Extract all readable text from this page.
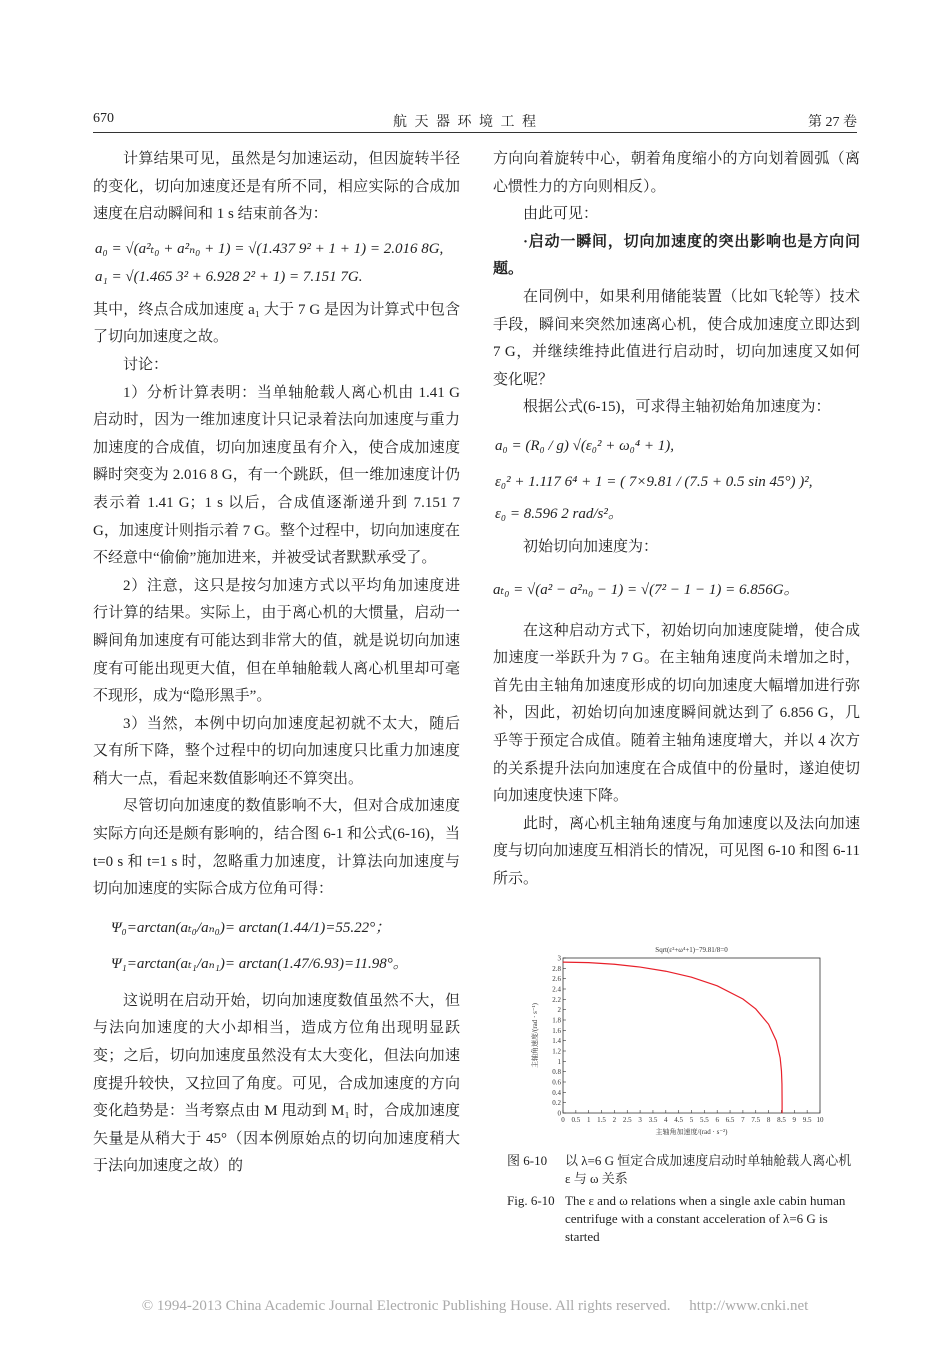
670	航 天 器 环 境 工 程	第 27 卷

计算结果可见，虽然是匀加速运动，但因旋转半径的变化，切向加速度还是有所不同，相应实际的合成加速度在启动瞬间和 1 s 结束前各为：

a₀ = √(a²ₜ₀ + a²ₙ₀ + 1) = √(1.437 9² + 1 + 1) = 2.016 8G,

a₁ = √(1.465 3² + 6.928 2² + 1) = 7.151 7G.

其中，终点合成加速度 a₁ 大于 7 G 是因为计算式中包含了切向加速度之故。

讨论：

1）分析计算表明：当单轴舱载人离心机由 1.41 G 启动时，因为一维加速度计只记录着法向加速度与重力加速度的合成值，切向加速度虽有介入，使合成加速度瞬时突变为 2.016 8 G，有一个跳跃，但一维加速度计仍表示着 1.41 G；1 s 以后，合成值逐渐递升到 7.151 7 G，加速度计则指示着 7 G。整个过程中，切向加速度在不经意中“偷偷”施加进来，并被受试者默默承受了。

2）注意，这只是按匀加速方式以平均角加速度进行计算的结果。实际上，由于离心机的大惯量，启动一瞬间角加速度有可能达到非常大的值，就是说切向加速度有可能出现更大值，但在单轴舱载人离心机里却可毫不现形，成为“隐形黑手”。

3）当然，本例中切向加速度起初就不太大，随后又有所下降，整个过程中的切向加速度只比重力加速度稍大一点，看起来数值影响还不算突出。

尽管切向加速度的数值影响不大，但对合成加速度实际方向还是颇有影响的，结合图 6-1 和公式(6-16)，当 t=0 s 和 t=1 s 时，忽略重力加速度，计算法向加速度与切向加速度的实际合成方位角可得：

Ψ₀=arctan(aₜ₀/aₙ₀)= arctan(1.44/1)=55.22°；

Ψ₁=arctan(aₜ₁/aₙ₁)= arctan(1.47/6.93)=11.98°。

这说明在启动开始，切向加速度数值虽然不大，但与法向加速度的大小却相当，造成方位角出现明显跃变；之后，切向加速度虽然没有太大变化，但法向加速度提升较快，又拉回了角度。可见，合成加速度的方向变化趋势是：当考察点由 M 甩动到 M₁ 时，合成加速度矢量是从稍大于 45°（因本例原始点的切向加速度稍大于法向加速度之故）的

方向向着旋转中心，朝着角度缩小的方向划着圆弧（离心惯性力的方向则相反）。

由此可见：

·启动一瞬间，切向加速度的突出影响也是方向问题。

在同例中，如果利用储能装置（比如飞轮等）技术手段，瞬间来突然加速离心机，使合成加速度立即达到 7 G，并继续维持此值进行启动时，切向加速度又如何变化呢？

根据公式(6-15)，可求得主轴初始角加速度为：

a₀ = (R₀ / g) √(ε₀² + ω₀⁴ + 1),

ε₀² + 1.117 6⁴ + 1 = ( 7×9.81 / (7.5 + 0.5 sin 45°) )²,

ε₀ = 8.596 2 rad/s²。

初始切向加速度为：

aₜ₀ = √(a² − a²ₙ₀ − 1) = √(7² − 1 − 1) = 6.856G。

在这种启动方式下，初始切向加速度陡增，使合成加速度一举跃升为 7 G。在主轴角速度尚未增加之时，首先由主轴角加速度形成的切向加速度大幅增加进行弥补，因此，初始切向加速度瞬间就达到了 6.856 G，几乎等于预定合成值。随着主轴角速度增大，并以 4 次方的关系提升法向加速度在合成值中的份量时，遂迫使切向加速度快速下降。

此时，离心机主轴角速度与角加速度以及法向加速度与切向加速度互相消长的情况，可见图 6-10 和图 6-11 所示。

Sqrt(ε²+ω⁴+1)−79.81/8=0
0 0.5 1 1.5 2 2.5 3 3.5 4 4.5 5 5.5 6 6.5 7 7.5 8 8.5 9 9.5 10
0
0.2
0.4
0.6
0.8
1
1.2
1.4
1.6
1.8
2
2.2
2.4
2.6
2.8
3
主轴角加速度/(rad · s⁻²)
主轴角速度/(rad · s⁻¹)
图 6-10	以 λ=6 G 恒定合成加速度启动时单轴舱载人离心机 ε 与 ω 关系
Fig. 6-10 The ε and ω relations when a single axle cabin human centrifuge with a constant acceleration of λ=6 G is started
© 1994-2013 China Academic Journal Electronic Publishing House. All rights reserved. http://www.cnki.net
